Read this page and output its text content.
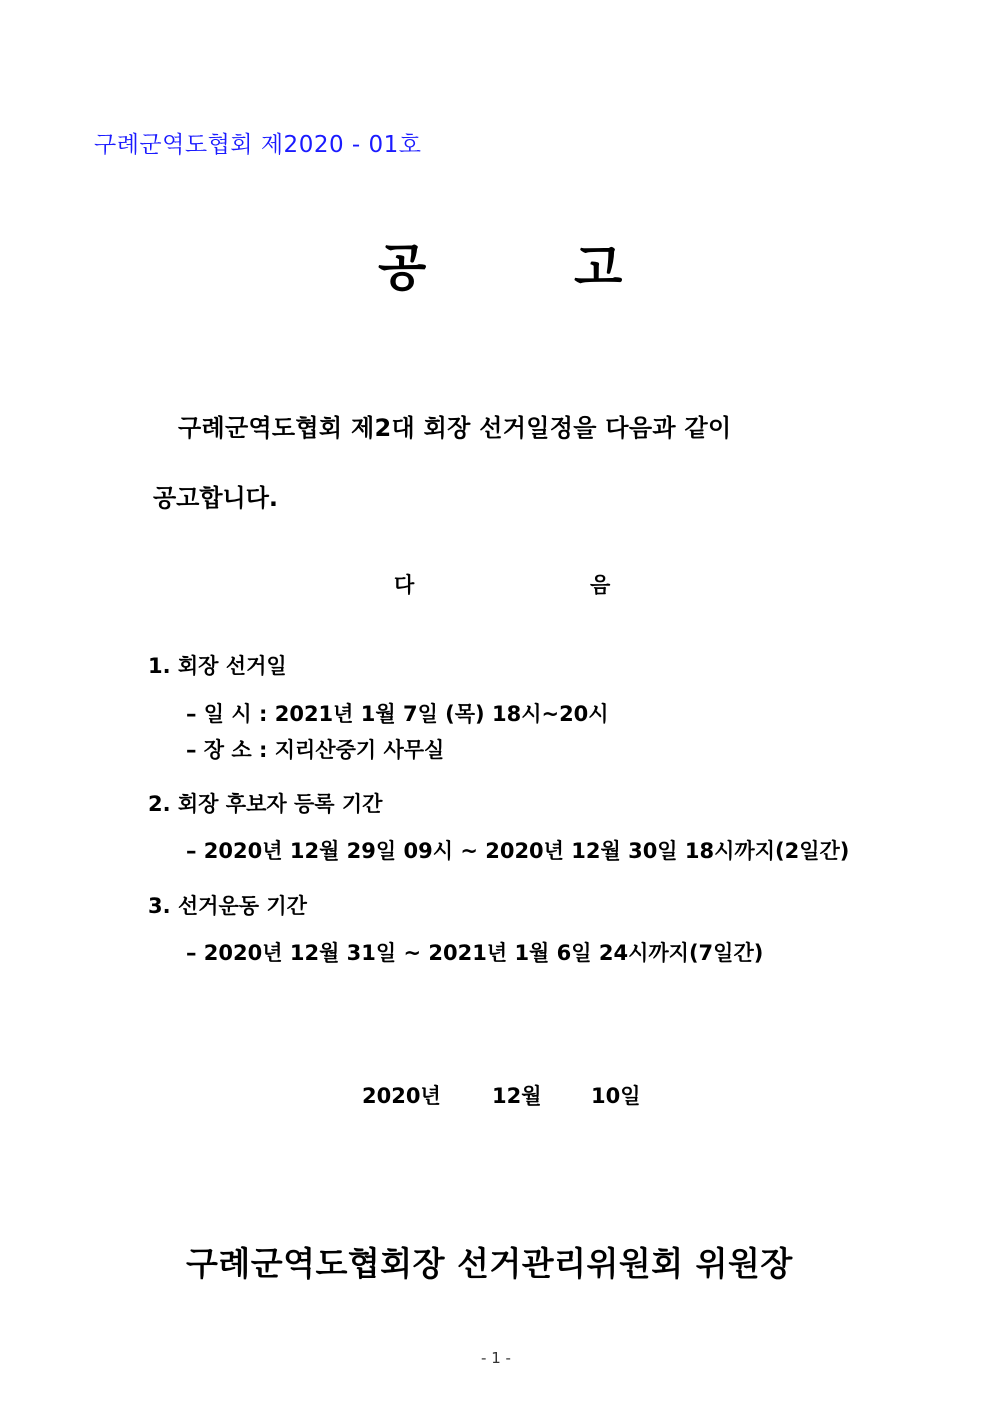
구례군역도협회 제2020 - 01호
공	고
구례군역도협회 제2대 회장 선거일정을 다음과 같이
공고합니다.
다	음
1. 회장 선거일
– 일 시 : 2021년 1월 7일 (목) 18시~20시
– 장 소 : 지리산중기 사무실
2. 회장 후보자 등록 기간
– 2020년 12월 29일 09시 ~ 2020년 12월 30일 18시까지(2일간)
3. 선거운동 기간
– 2020년 12월 31일 ~ 2021년 1월 6일 24시까지(7일간)
2020년 12월 10일
구례군역도협회장 선거관리위원회 위원장
- 1 -
